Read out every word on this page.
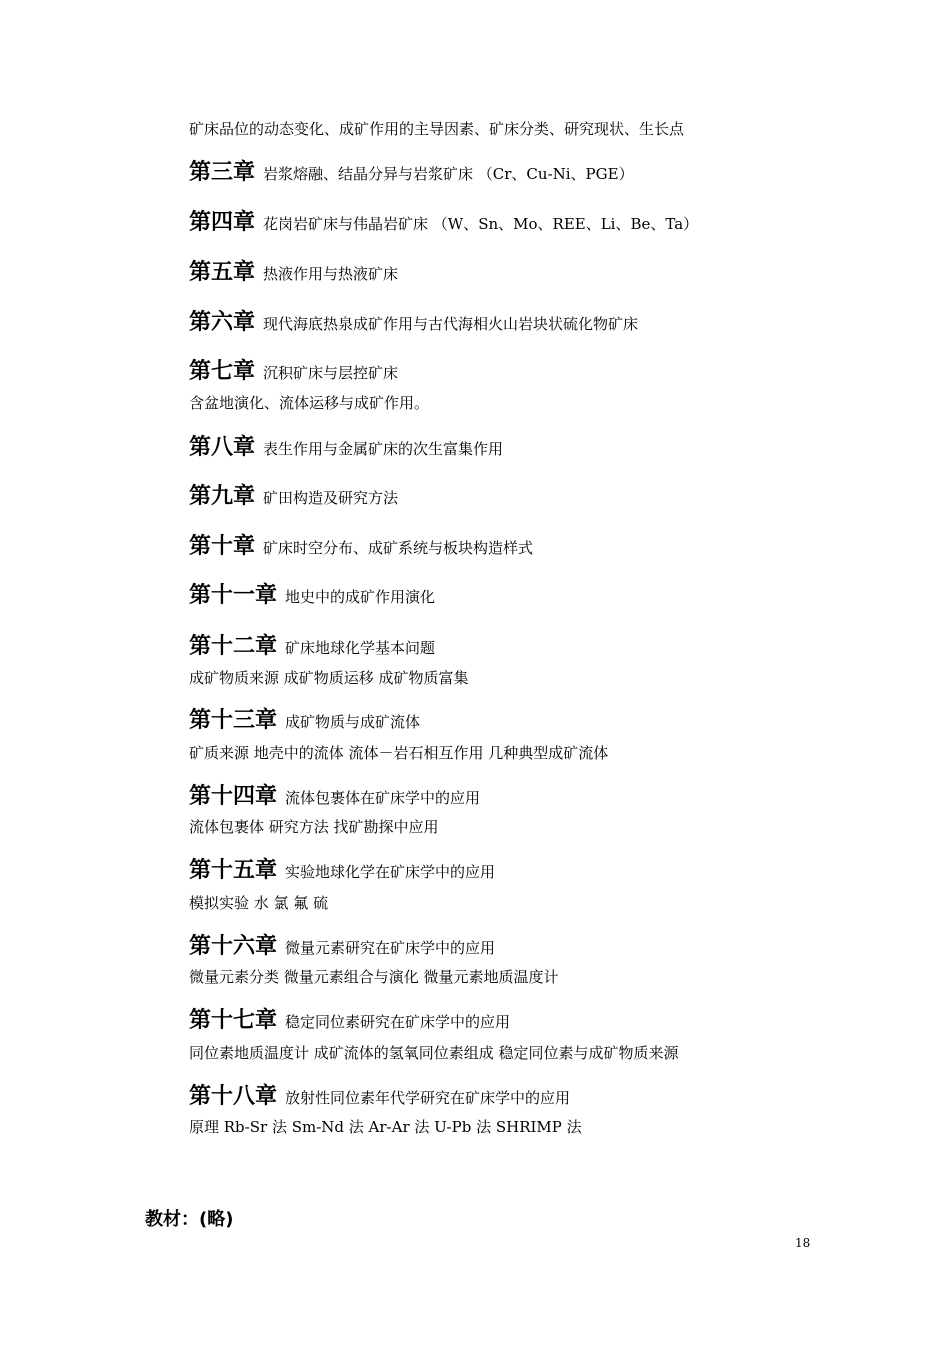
矿床品位的动态变化、成矿作用的主导因素、矿床分类、研究现状、生长点
第三章 岩浆熔融、结晶分异与岩浆矿床 （Cr、Cu-Ni、PGE）
第四章 花岗岩矿床与伟晶岩矿床 （W、Sn、Mo、REE、Li、Be、Ta）
第五章 热液作用与热液矿床
第六章 现代海底热泉成矿作用与古代海相火山岩块状硫化物矿床
第七章 沉积矿床与层控矿床
含盆地演化、流体运移与成矿作用。
第八章 表生作用与金属矿床的次生富集作用
第九章 矿田构造及研究方法
第十章 矿床时空分布、成矿系统与板块构造样式
第十一章 地史中的成矿作用演化
第十二章 矿床地球化学基本问题
成矿物质来源 成矿物质运移 成矿物质富集
第十三章 成矿物质与成矿流体
矿质来源 地壳中的流体 流体－岩石相互作用 几种典型成矿流体
第十四章 流体包裹体在矿床学中的应用
流体包裹体 研究方法 找矿勘探中应用
第十五章 实验地球化学在矿床学中的应用
模拟实验 水 氯 氟 硫
第十六章 微量元素研究在矿床学中的应用
微量元素分类 微量元素组合与演化 微量元素地质温度计
第十七章 稳定同位素研究在矿床学中的应用
同位素地质温度计 成矿流体的氢氧同位素组成 稳定同位素与成矿物质来源
第十八章 放射性同位素年代学研究在矿床学中的应用
原理 Rb-Sr 法 Sm-Nd 法 Ar-Ar 法 U-Pb 法 SHRIMP 法
教材：(略)
18
